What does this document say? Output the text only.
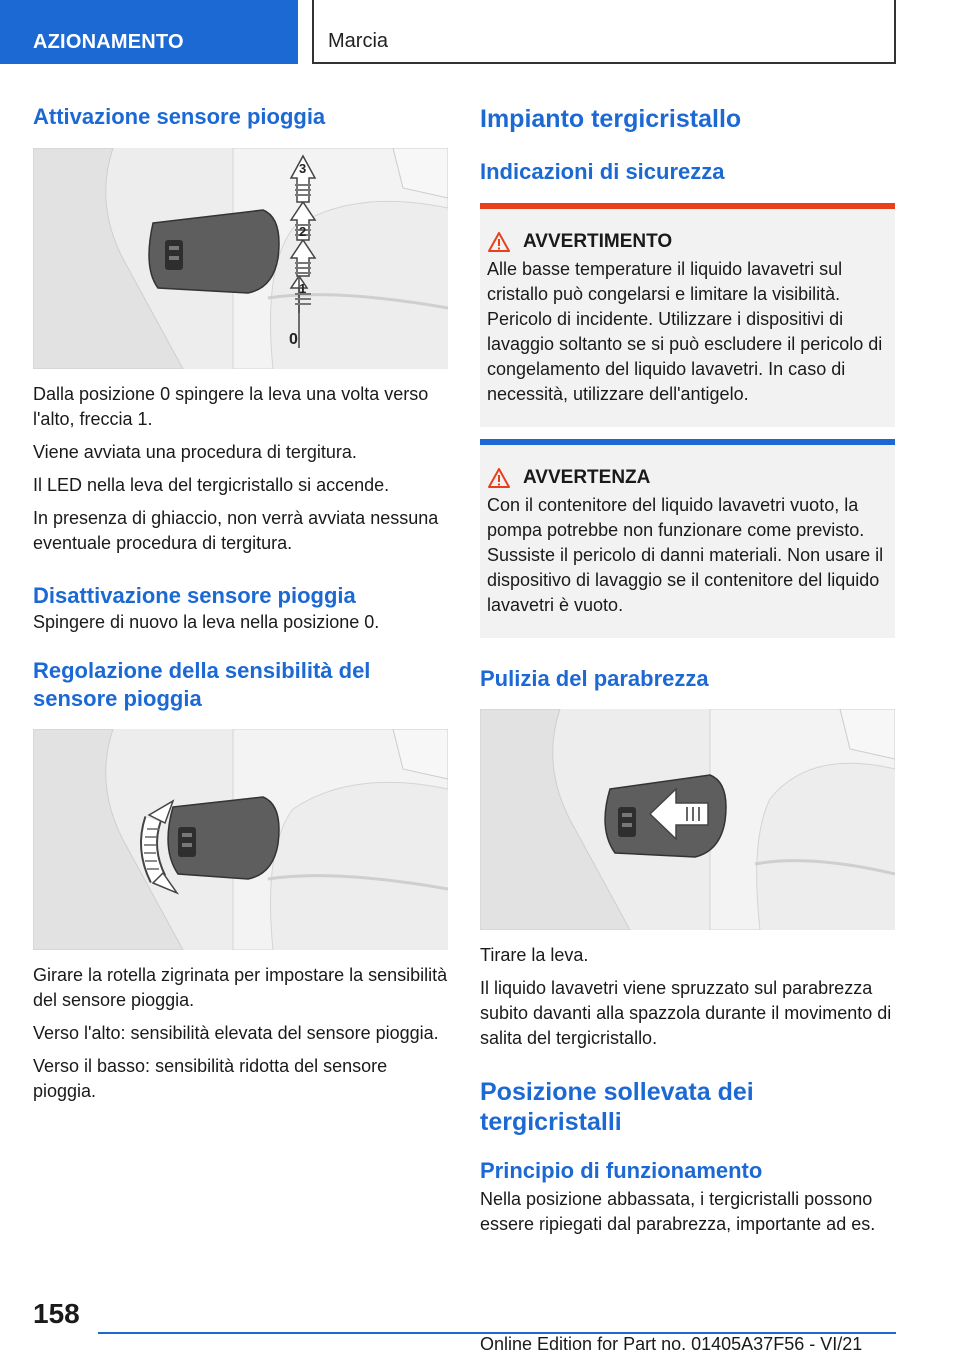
AZIONAMENTO	Marcia
Attivazione sensore pioggia
3
2
1
0

Dalla posizione 0 spingere la leva una volta verso l'alto, freccia 1.

Viene avviata una procedura di tergitura.

Il LED nella leva del tergicristallo si accende.

In presenza di ghiaccio, non verrà avviata nessuna eventuale procedura di tergitura.

Disattivazione sensore pioggia

Spingere di nuovo la leva nella posizione 0.

Regolazione della sensibilità del sensore pioggia

Girare la rotella zigrinata per impostare la sensibilità del sensore pioggia.

Verso l'alto: sensibilità elevata del sensore pioggia.

Verso il basso: sensibilità ridotta del sensore pioggia.

Impianto tergicristallo
Indicazioni di sicurezza
AVVERTIMENTO

Alle basse temperature il liquido lavavetri sul cristallo può congelarsi e limitare la visibilità. Pericolo di incidente. Utilizzare i dispositivi di lavaggio soltanto se si può escludere il pericolo di congelamento del liquido lavavetri. In caso di necessità, utilizzare dell'antigelo.

AVVERTENZA

Con il contenitore del liquido lavavetri vuoto, la pompa potrebbe non funzionare come previsto. Sussiste il pericolo di danni materiali. Non usare il dispositivo di lavaggio se il contenitore del liquido lavavetri è vuoto.

Pulizia del parabrezza

Tirare la leva.

Il liquido lavavetri viene spruzzato sul parabrezza subito davanti alla spazzola durante il movimento di salita del tergicristallo.

Posizione sollevata dei tergicristalli
Principio di funzionamento

Nella posizione abbassata, i tergicristalli possono essere ripiegati dal parabrezza, importante ad es.

158
Online Edition for Part no. 01405A37F56 - VI/21
